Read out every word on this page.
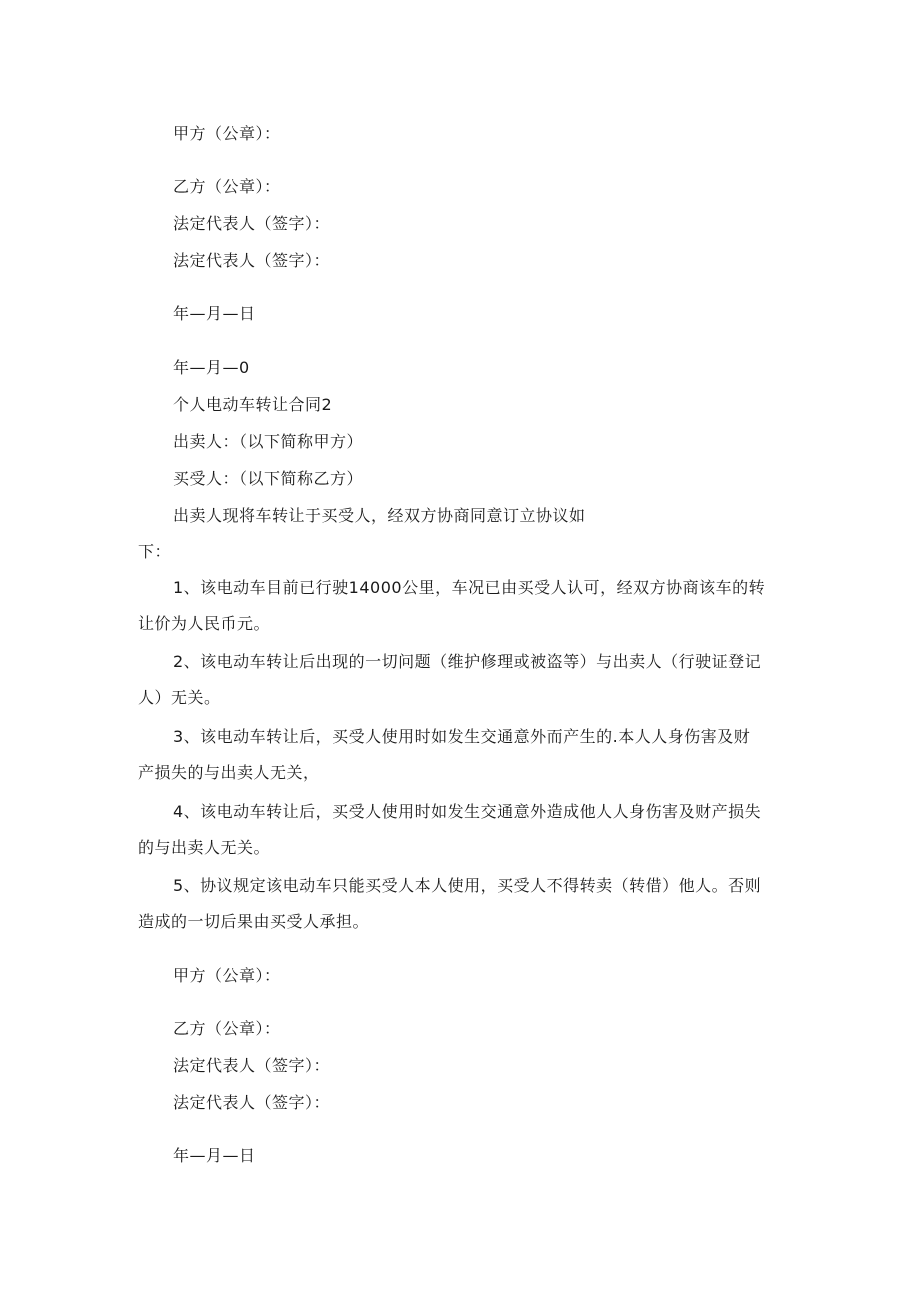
甲方（公章）：
乙方（公章）：
法定代表人（签字）：
法定代表人（签字）：
年—月—日
年—月—0
个人电动车转让合同2
出卖人：（以下简称甲方）
买受人：（以下简称乙方）
出卖人现将车转让于买受人，经双方协商同意订立协议如
下：
1、该电动车目前已行驶14000公里，车况已由买受人认可，经双方协商该车的转
让价为人民币元。
2、该电动车转让后出现的一切问题（维护修理或被盗等）与出卖人（行驶证登记
人）无关。
3、该电动车转让后，买受人使用时如发生交通意外而产生的.本人人身伤害及财
产损失的与出卖人无关，
4、该电动车转让后，买受人使用时如发生交通意外造成他人人身伤害及财产损失
的与出卖人无关。
5、协议规定该电动车只能买受人本人使用，买受人不得转卖（转借）他人。否则
造成的一切后果由买受人承担。
甲方（公章）：
乙方（公章）：
法定代表人（签字）：
法定代表人（签字）：
年—月—日
